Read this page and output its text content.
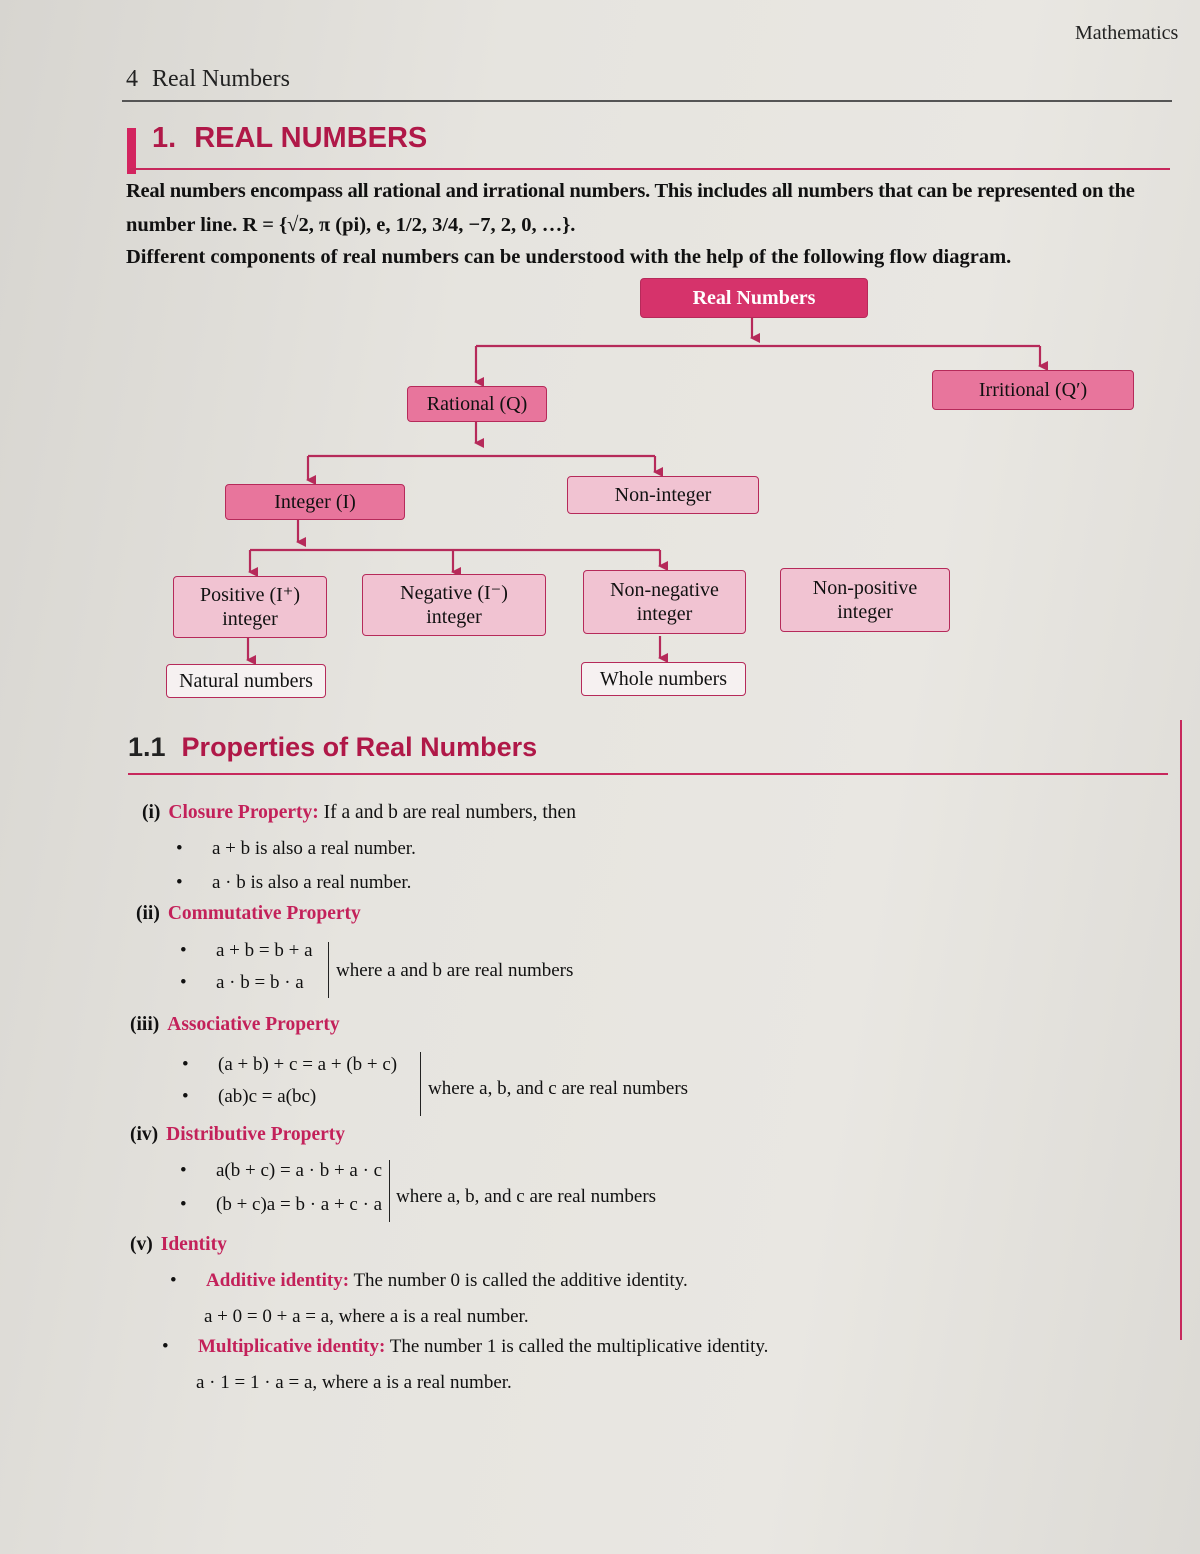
Mathematics
4 Real Numbers
1. REAL NUMBERS
Real numbers encompass all rational and irrational numbers. This includes all numbers that can be represented on the
number line. R = {√2, π (pi), e, 1/2, 3/4, −7, 2, 0, …}.
Different components of real numbers can be understood with the help of the following flow diagram.
Real Numbers
Rational (Q)
Irritional (Q′)
Integer (I)	Non-integer
Positive (I⁺)
integer
Negative (I⁻)
integer
Non-negative
integer
Non-positive
integer
Natural numbers	Whole numbers
1.1 Properties of Real Numbers
(i) Closure Property: If a and b are real numbers, then
• a + b is also a real number.
• a · b is also a real number.
(ii) Commutative Property
• a + b = b + a
• a · b = b · a
where a and b are real numbers
(iii) Associative Property
• (a + b) + c = a + (b + c)
• (ab)c = a(bc)	where a, b, and c are real numbers
(iv) Distributive Property
• a(b + c) = a · b + a · c
• (b + c)a = b · a + c · a where a, b, and c are real numbers
(v) Identity
• Additive identity: The number 0 is called the additive identity.
a + 0 = 0 + a = a, where a is a real number.
• Multiplicative identity: The number 1 is called the multiplicative identity.
a · 1 = 1 · a = a, where a is a real number.
